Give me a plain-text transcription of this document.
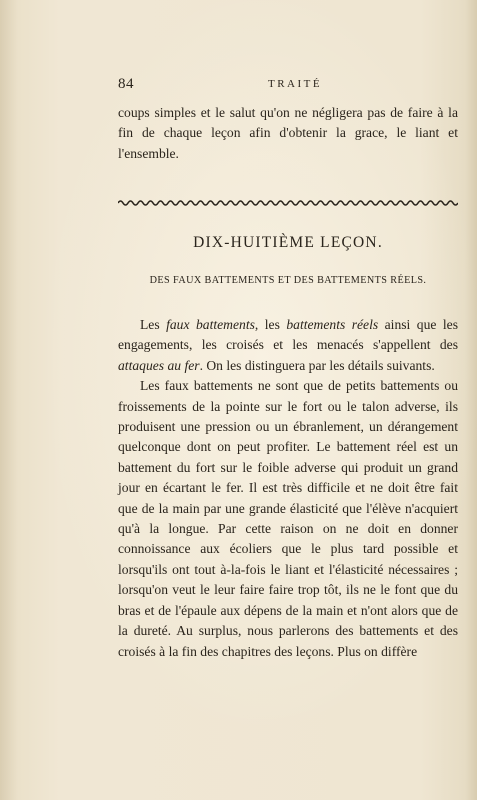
84	TRAITÉ

coups simples et le salut qu'on ne négligera pas de faire à la fin de chaque leçon afin d'obtenir la grace, le liant et l'ensemble.

DIX-HUITIÈME LEÇON.
DES FAUX BATTEMENTS ET DES BATTEMENTS RÉELS.

Les faux battements, les battements réels ainsi que les engagements, les croisés et les menacés s'appellent des attaques au fer. On les distinguera par les détails suivants.

Les faux battements ne sont que de petits battements ou froissements de la pointe sur le fort ou le talon adverse, ils produisent une pression ou un ébranlement, un dérangement quelconque dont on peut profiter. Le battement réel est un battement du fort sur le foible adverse qui produit un grand jour en écartant le fer. Il est très difficile et ne doit être fait que de la main par une grande élasticité que l'élève n'acquiert qu'à la longue. Par cette raison on ne doit en donner connoissance aux écoliers que le plus tard possible et lorsqu'ils ont tout à-la-fois le liant et l'élasticité nécessaires ; lorsqu'on veut le leur faire faire trop tôt, ils ne le font que du bras et de l'épaule aux dépens de la main et n'ont alors que de la dureté. Au surplus, nous parlerons des battements et des croisés à la fin des chapitres des leçons. Plus on diffère
